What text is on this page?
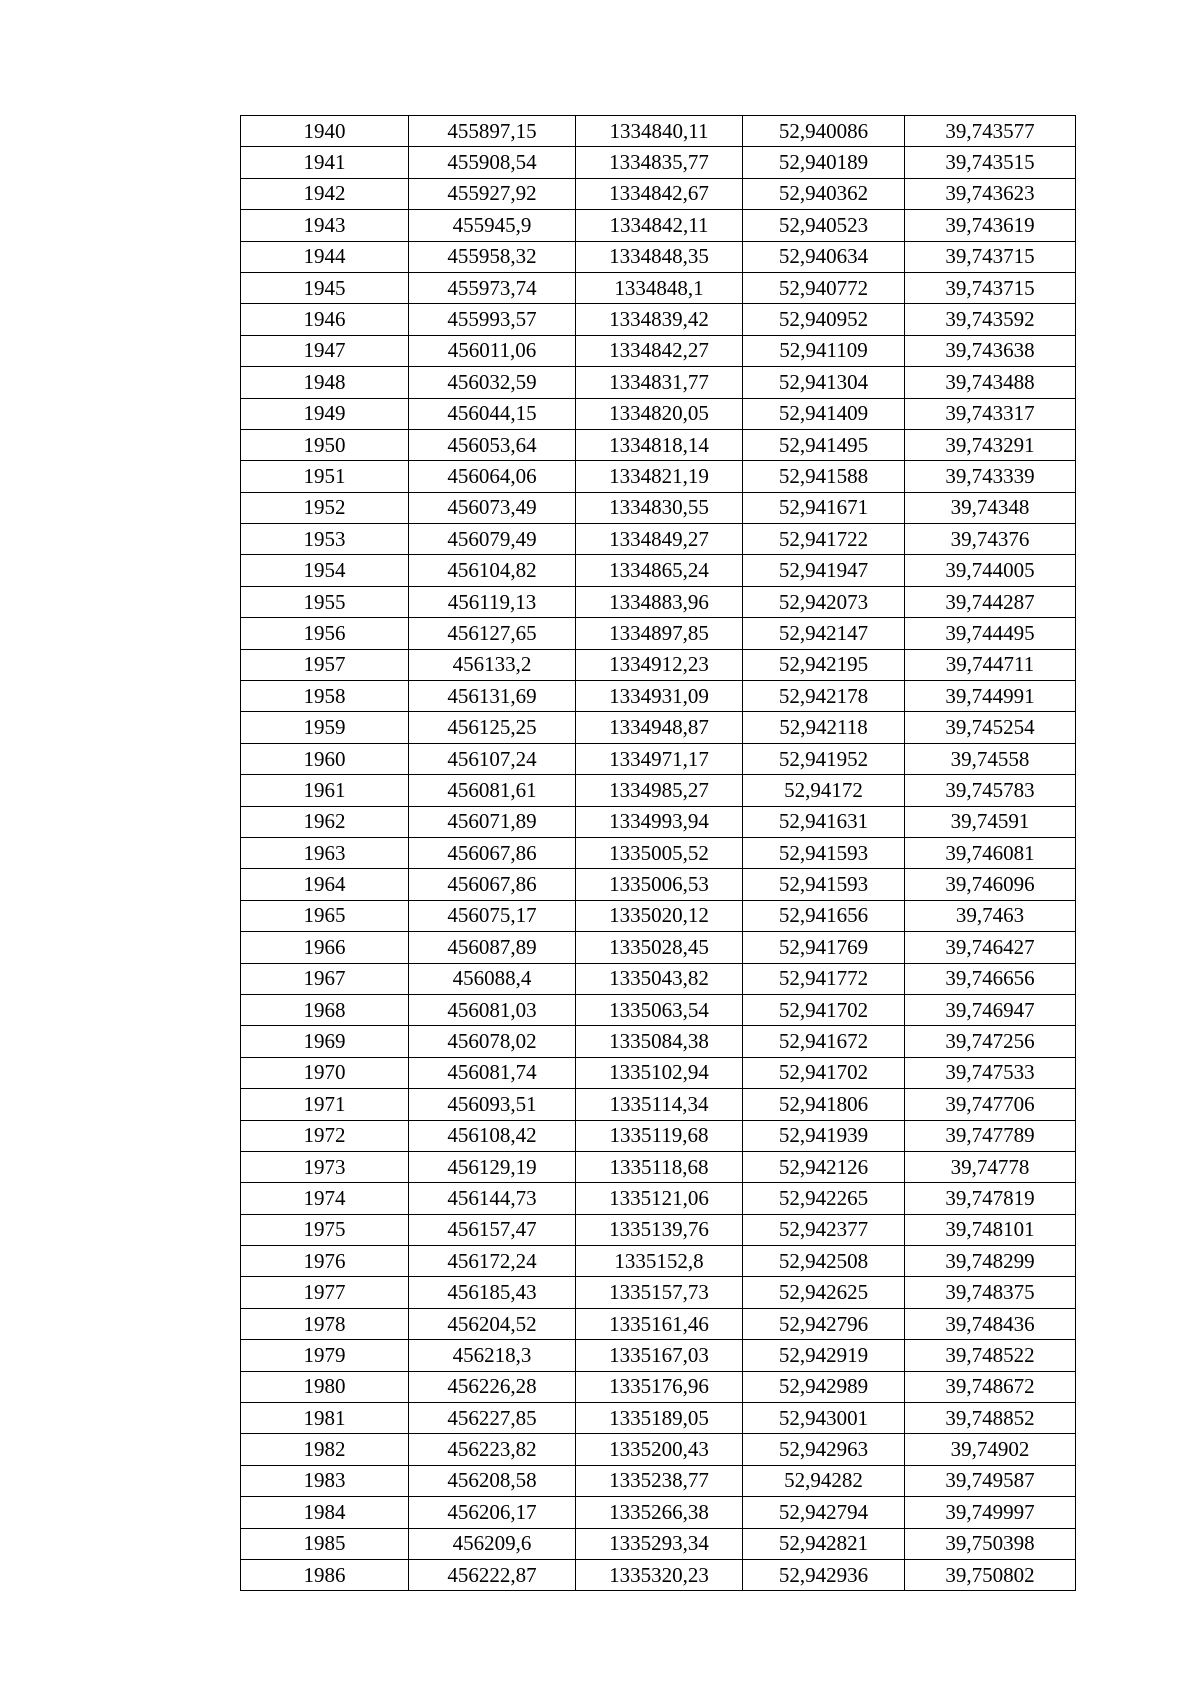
1940	455897,15	1334840,11	52,940086	39,743577
1941	455908,54	1334835,77	52,940189	39,743515
1942	455927,92	1334842,67	52,940362	39,743623
1943	455945,9	1334842,11	52,940523	39,743619
1944	455958,32	1334848,35	52,940634	39,743715
1945	455973,74	1334848,1	52,940772	39,743715
1946	455993,57	1334839,42	52,940952	39,743592
1947	456011,06	1334842,27	52,941109	39,743638
1948	456032,59	1334831,77	52,941304	39,743488
1949	456044,15	1334820,05	52,941409	39,743317
1950	456053,64	1334818,14	52,941495	39,743291
1951	456064,06	1334821,19	52,941588	39,743339
1952	456073,49	1334830,55	52,941671	39,74348
1953	456079,49	1334849,27	52,941722	39,74376
1954	456104,82	1334865,24	52,941947	39,744005
1955	456119,13	1334883,96	52,942073	39,744287
1956	456127,65	1334897,85	52,942147	39,744495
1957	456133,2	1334912,23	52,942195	39,744711
1958	456131,69	1334931,09	52,942178	39,744991
1959	456125,25	1334948,87	52,942118	39,745254
1960	456107,24	1334971,17	52,941952	39,74558
1961	456081,61	1334985,27	52,94172	39,745783
1962	456071,89	1334993,94	52,941631	39,74591
1963	456067,86	1335005,52	52,941593	39,746081
1964	456067,86	1335006,53	52,941593	39,746096
1965	456075,17	1335020,12	52,941656	39,7463
1966	456087,89	1335028,45	52,941769	39,746427
1967	456088,4	1335043,82	52,941772	39,746656
1968	456081,03	1335063,54	52,941702	39,746947
1969	456078,02	1335084,38	52,941672	39,747256
1970	456081,74	1335102,94	52,941702	39,747533
1971	456093,51	1335114,34	52,941806	39,747706
1972	456108,42	1335119,68	52,941939	39,747789
1973	456129,19	1335118,68	52,942126	39,74778
1974	456144,73	1335121,06	52,942265	39,747819
1975	456157,47	1335139,76	52,942377	39,748101
1976	456172,24	1335152,8	52,942508	39,748299
1977	456185,43	1335157,73	52,942625	39,748375
1978	456204,52	1335161,46	52,942796	39,748436
1979	456218,3	1335167,03	52,942919	39,748522
1980	456226,28	1335176,96	52,942989	39,748672
1981	456227,85	1335189,05	52,943001	39,748852
1982	456223,82	1335200,43	52,942963	39,74902
1983	456208,58	1335238,77	52,94282	39,749587
1984	456206,17	1335266,38	52,942794	39,749997
1985	456209,6	1335293,34	52,942821	39,750398
1986	456222,87	1335320,23	52,942936	39,750802
